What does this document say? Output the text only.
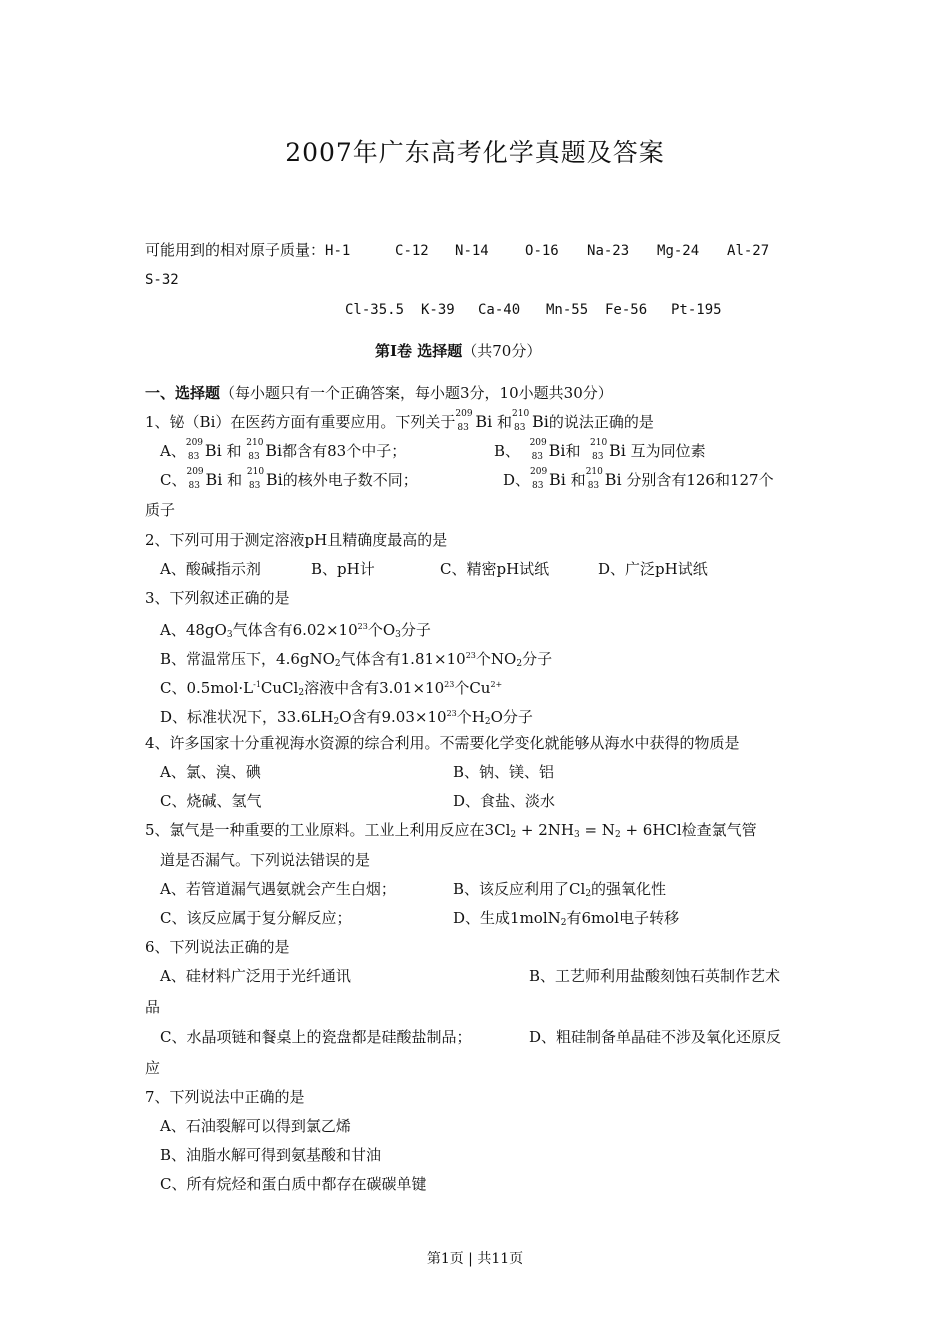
2007年广东高考化学真题及答案
可能用到的相对原子质量：H-1	C-12 N-14	O-16 Na-23 Mg-24 Al-27
S-32
Cl-35.5 K-39 Ca-40 Mn-55 Fe-56 Pt-195
第Ⅰ卷 选择题（共70分）
一、选择题（每小题只有一个正确答案，每小题3分，10小题共30分）
1、铋（Bi）在医药方面有重要应用。下列关于 209
83 Bi 和 210
83 Bi的说法正确的是
A、 209
83 Bi 和 210
83 Bi都含有83个中子；	B、 209
83 Bi和 210
83 Bi 互为同位素
C、 209
83 Bi 和 210
83 Bi的核外电子数不同；	D、 209
83 Bi 和 210
83 Bi 分别含有126和127个
质子
2、下列可用于测定溶液pH且精确度最高的是
A、酸碱指示剂	B、pH计	C、精密pH试纸	D、广泛pH试纸
3、下列叙述正确的是
A、$48gO_3$气体含有$6.02\times 10^{23}$个$O_3$分子
B、常温常压下，4.6gNO$_2$气体含有$1.81\times 10^{23}$个$NO_2$分子
C、$0.5mol\cdot L^{-1}CuCl_2$溶液中含有$3.01\times 10^{23}$个$Cu^{2+}$
D、标准状况下，$33.6LH_2O$含有$9.03\times 10^{23}$个$H_2O$分子
4、许多国家十分重视海水资源的综合利用。不需要化学变化就能够从海水中获得的物质是
A、氯、溴、碘	B、钠、镁、铝
C、烧碱、氢气	D、食盐、淡水
5、氯气是一种重要的工业原料。工业上利用反应在$3Cl_2 + 2NH_3 = N_2 + 6HCl$检查氯气管
道是否漏气。下列说法错误的是
A、若管道漏气遇氨就会产生白烟；	B、该反应利用了$Cl_2$的强氧化性
C、该反应属于复分解反应；	D、生成1molN$_2$有6mol电子转移
6、下列说法正确的是
A、硅材料广泛用于光纤通讯	B、工艺师利用盐酸刻蚀石英制作艺术
品
C、水晶项链和餐桌上的瓷盘都是硅酸盐制品；	D、粗硅制备单晶硅不涉及氧化还原反
应
7、下列说法中正确的是
A、石油裂解可以得到氯乙烯
B、油脂水解可得到氨基酸和甘油
C、所有烷烃和蛋白质中都存在碳碳单键
第1页 | 共11页
